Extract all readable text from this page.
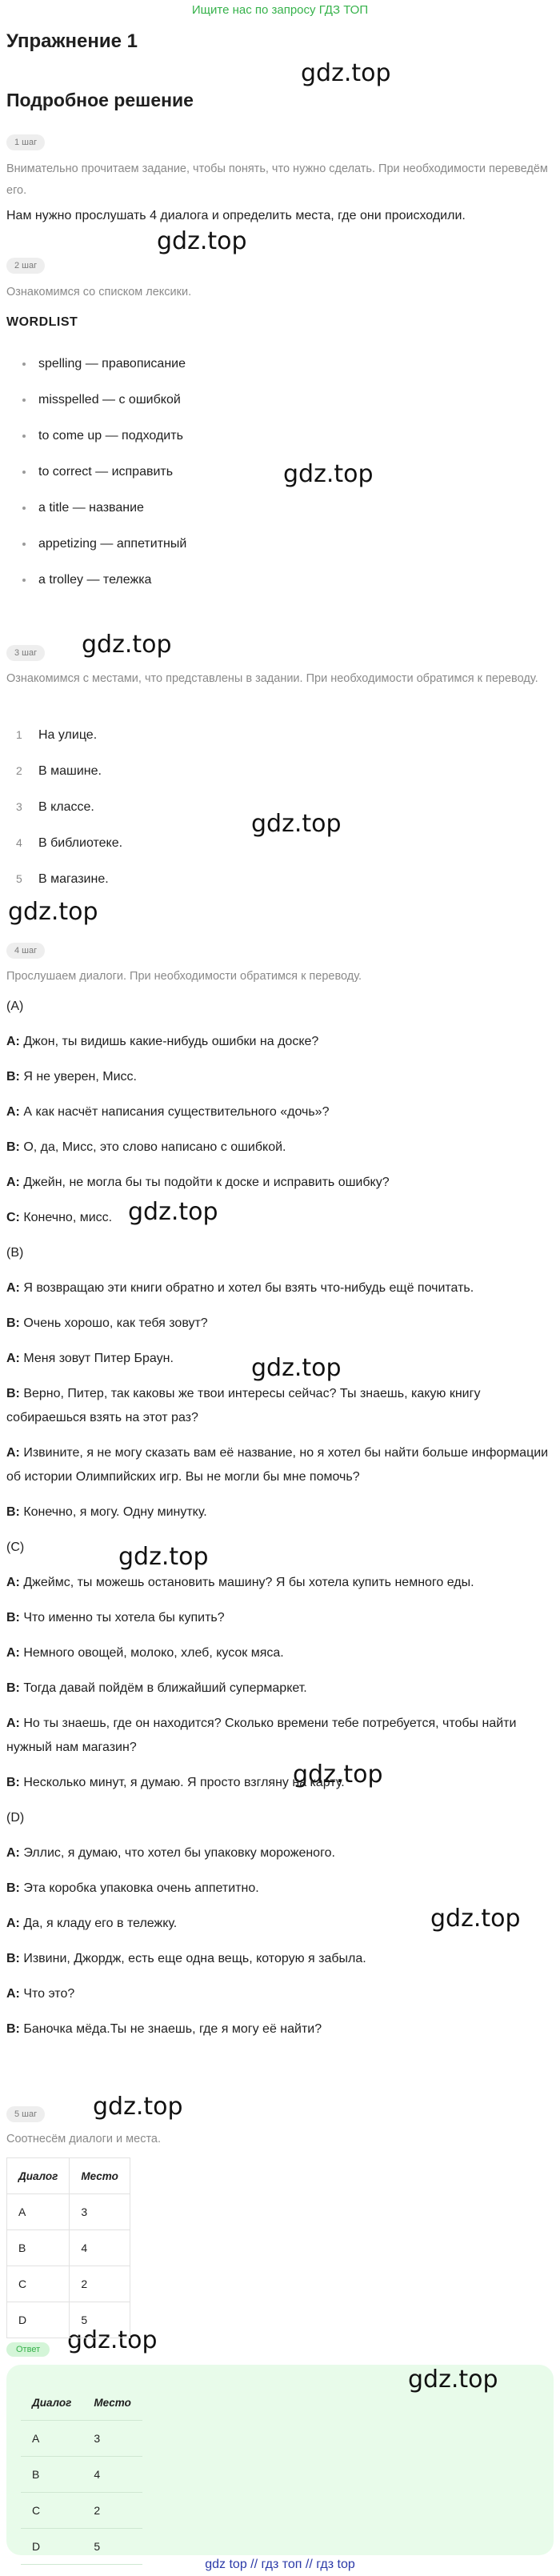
Ищите нас по запросу ГДЗ ТОП
Упражнение 1
Подробное решение
gdz.top
gdz.top
gdz.top
gdz.top
gdz.top
gdz.top
gdz.top
gdz.top
gdz.top
gdz.top
gdz.top
gdz.top
gdz.top
gdz.top
1 шаг
Внимательно прочитаем задание, чтобы понять, что нужно сделать. При необходимости переведём его.
Нам нужно прослушать 4 диалога и определить места, где они происходили.
2 шаг
Ознакомимся со списком лексики.
WORDLIST
spelling — правописание
misspelled — с ошибкой
to come up — подходить
to correct — исправить
a title — название
appetizing — аппетитный
a trolley — тележка
3 шаг
Ознакомимся с местами, что представлены в задании. При необходимости обратимся к переводу.
1 На улице.
2 В машине.
3 В классе.
4 В библиотеке.
5 В магазине.
4 шаг
Прослушаем диалоги. При необходимости обратимся к переводу.
(A)
A: Джон, ты видишь какие-нибудь ошибки на доске?
B: Я не уверен, Мисс.
A: А как насчёт написания существительного «дочь»?
B: О, да, Мисс, это слово написано с ошибкой.
A: Джейн, не могла бы ты подойти к доске и исправить ошибку?
C: Конечно, мисс.
(B)
A: Я возвращаю эти книги обратно и хотел бы взять что-нибудь ещё почитать.
B: Очень хорошо, как тебя зовут?
A: Меня зовут Питер Браун.
B: Верно, Питер, так каковы же твои интересы сейчас? Ты знаешь, какую книгу собираешься взять на этот раз?
A: Извините, я не могу сказать вам её название, но я хотел бы найти больше информации об истории Олимпийских игр. Вы не могли бы мне помочь?
B: Конечно, я могу. Одну минутку.
(C)
A: Джеймс, ты можешь остановить машину? Я бы хотела купить немного еды.
B: Что именно ты хотела бы купить?
A: Немного овощей, молоко, хлеб, кусок мяса.
B: Тогда давай пойдём в ближайший супермаркет.
A: Но ты знаешь, где он находится? Сколько времени тебе потребуется, чтобы найти нужный нам магазин?
B: Несколько минут, я думаю. Я просто взгляну на карту.
(D)
A: Эллис, я думаю, что хотел бы упаковку мороженого.
B: Эта коробка упаковка очень аппетитно.
A: Да, я кладу его в тележку.
B: Извини, Джордж, есть еще одна вещь, которую я забыла.
A: Что это?
B: Баночка мёда.Ты не знаешь, где я могу её найти?
5 шаг
Соотнесём диалоги и места.
Диалог	Место
A	3
B	4
C	2
D	5
Ответ
Диалог	Место
A	3
B	4
C	2
D	5
gdz top // гдз топ // гдз top
